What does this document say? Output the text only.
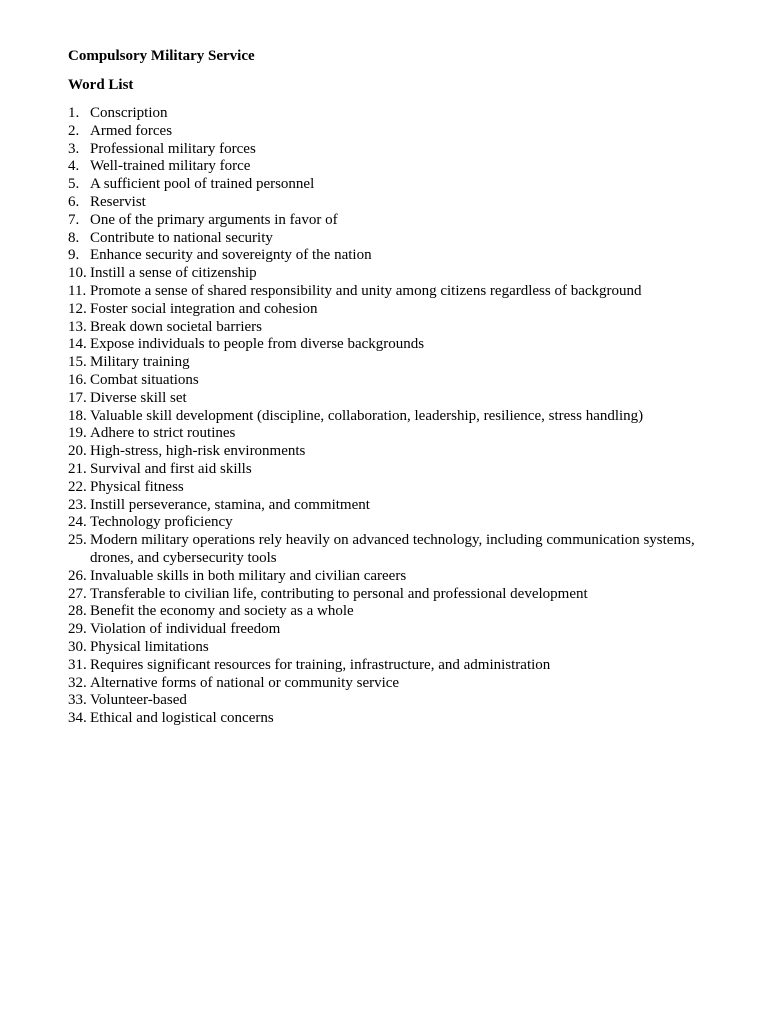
Compulsory Military Service
Word List
1. Conscription
2. Armed forces
3. Professional military forces
4. Well-trained military force
5. A sufficient pool of trained personnel
6. Reservist
7. One of the primary arguments in favor of
8. Contribute to national security
9. Enhance security and sovereignty of the nation
10. Instill a sense of citizenship
11. Promote a sense of shared responsibility and unity among citizens regardless of background
12. Foster social integration and cohesion
13. Break down societal barriers
14. Expose individuals to people from diverse backgrounds
15. Military training
16. Combat situations
17. Diverse skill set
18. Valuable skill development (discipline, collaboration, leadership, resilience, stress handling)
19. Adhere to strict routines
20. High-stress, high-risk environments
21. Survival and first aid skills
22. Physical fitness
23. Instill perseverance, stamina, and commitment
24. Technology proficiency
25. Modern military operations rely heavily on advanced technology, including communication systems, drones, and cybersecurity tools
26. Invaluable skills in both military and civilian careers
27. Transferable to civilian life, contributing to personal and professional development
28. Benefit the economy and society as a whole
29. Violation of individual freedom
30. Physical limitations
31. Requires significant resources for training, infrastructure, and administration
32. Alternative forms of national or community service
33. Volunteer-based
34. Ethical and logistical concerns
